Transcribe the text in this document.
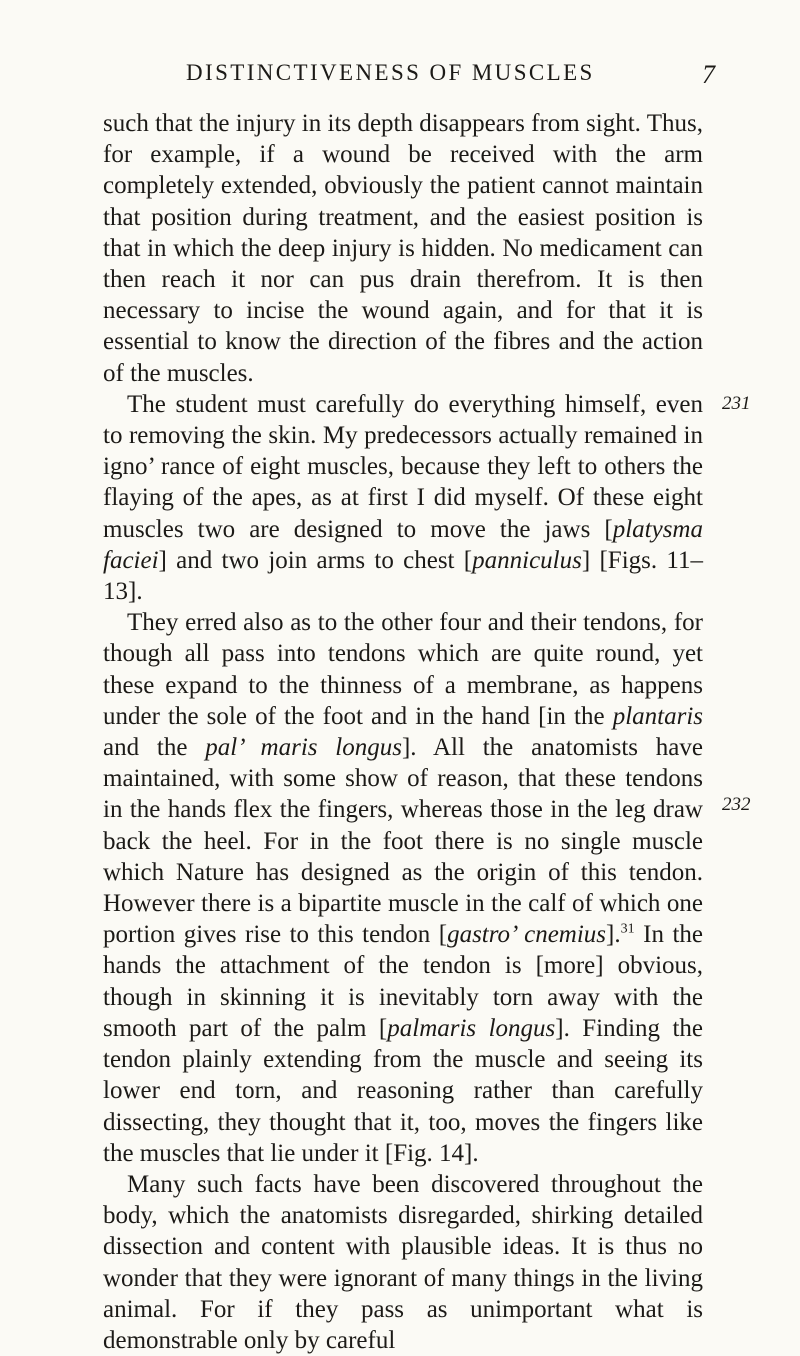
DISTINCTIVENESS OF MUSCLES	7

such that the injury in its depth disappears from sight. Thus, for example, if a wound be received with the arm completely extended, obviously the patient cannot maintain that position during treatment, and the easiest position is that in which the deep injury is hidden. No medicament can then reach it nor can pus drain therefrom. It is then necessary to incise the wound again, and for that it is essential to know the direction of the fibres and the action of the muscles.

The student must carefully do everything himself, even to removing the skin. My predecessors actually remained in igno’ rance of eight muscles, because they left to others the flaying of the apes, as at first I did myself. Of these eight muscles two are designed to move the jaws [platysma faciei] and two join arms to chest [panniculus] [Figs. 11–13].

They erred also as to the other four and their tendons, for though all pass into tendons which are quite round, yet these expand to the thinness of a membrane, as happens under the sole of the foot and in the hand [in the plantaris and the pal’ maris longus]. All the anatomists have maintained, with some show of reason, that these tendons in the hands flex the fingers, whereas those in the leg draw back the heel. For in the foot there is no single muscle which Nature has designed as the origin of this tendon. However there is a bipartite muscle in the calf of which one portion gives rise to this tendon [gastro’ cnemius].$^{31}$ In the hands the attachment of the tendon is [more] obvious, though in skinning it is inevitably torn away with the smooth part of the palm [palmaris longus]. Finding the tendon plainly extending from the muscle and seeing its lower end torn, and reasoning rather than carefully dissecting, they thought that it, too, moves the fingers like the muscles that lie under it [Fig. 14].

Many such facts have been discovered throughout the body, which the anatomists disregarded, shirking detailed dissection and content with plausible ideas. It is thus no wonder that they were ignorant of many things in the living animal. For if they pass as unimportant what is demonstrable only by careful

231
232
